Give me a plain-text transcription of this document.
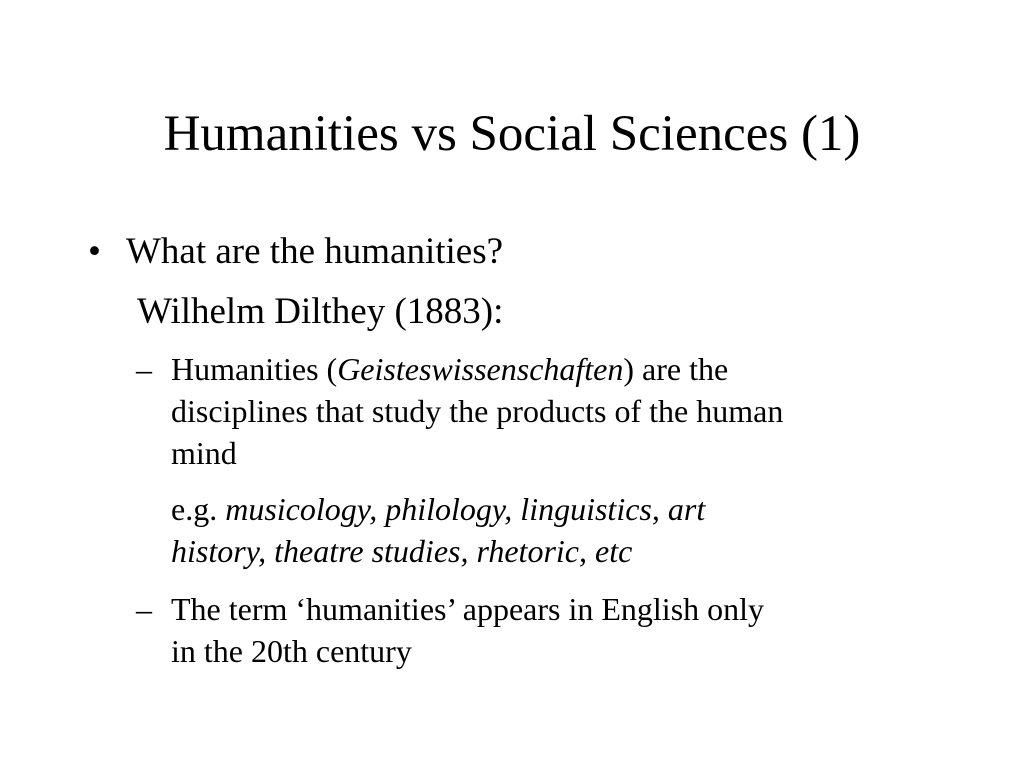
Humanities vs Social Sciences (1)
• What are the humanities?
Wilhelm Dilthey (1883):
– Humanities (Geisteswissenschaften) are the
disciplines that study the products of the human
mind
e.g. musicology, philology, linguistics, art
history, theatre studies, rhetoric, etc
– The term ‘humanities’ appears in English only
in the 20th century
